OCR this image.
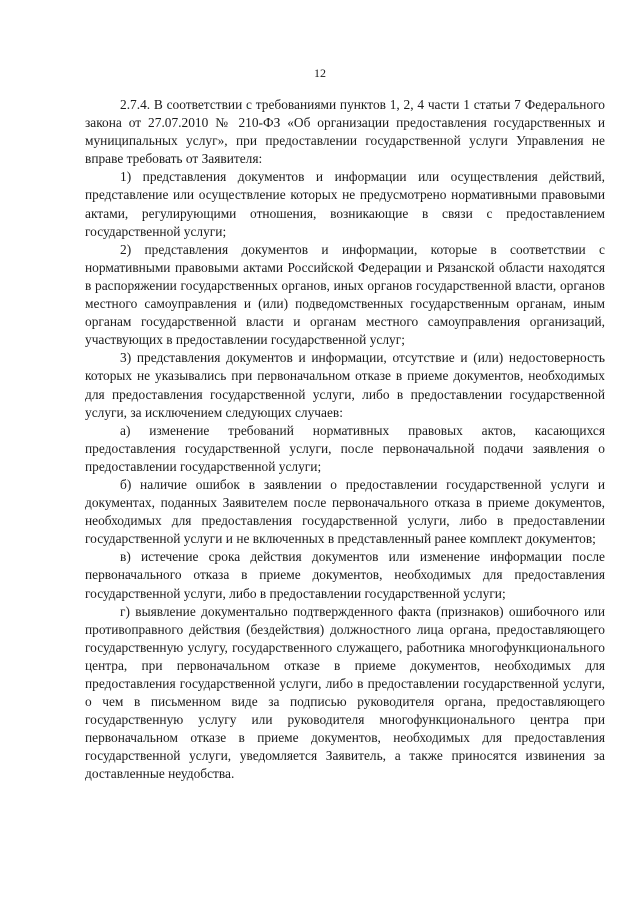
12

2.7.4. В соответствии с требованиями пунктов 1, 2, 4 части 1 статьи 7 Федерального закона от 27.07.2010 № 210-ФЗ «Об организации предоставления государственных и муниципальных услуг», при предоставлении государственной услуги Управления не вправе требовать от Заявителя:

1) представления документов и информации или осуществления действий, представление или осуществление которых не предусмотрено нормативными правовыми актами, регулирующими отношения, возникающие в связи с предоставлением государственной услуги;

2) представления документов и информации, которые в соответствии с нормативными правовыми актами Российской Федерации и Рязанской области находятся в распоряжении государственных органов, иных органов государственной власти, органов местного самоуправления и (или) подведомственных государственным органам, иным органам государственной власти и органам местного самоуправления организаций, участвующих в предоставлении государственной услуг;

3) представления документов и информации, отсутствие и (или) недостоверность которых не указывались при первоначальном отказе в приеме документов, необходимых для предоставления государственной услуги, либо в предоставлении государственной услуги, за исключением следующих случаев:

а) изменение требований нормативных правовых актов, касающихся предоставления государственной услуги, после первоначальной подачи заявления о предоставлении государственной услуги;

б) наличие ошибок в заявлении о предоставлении государственной услуги и документах, поданных Заявителем после первоначального отказа в приеме документов, необходимых для предоставления государственной услуги, либо в предоставлении государственной услуги и не включенных в представленный ранее комплект документов;

в) истечение срока действия документов или изменение информации после первоначального отказа в приеме документов, необходимых для предоставления государственной услуги, либо в предоставлении государственной услуги;

г) выявление документально подтвержденного факта (признаков) ошибочного или противоправного действия (бездействия) должностного лица органа, предоставляющего государственную услугу, государственного служащего, работника многофункционального центра, при первоначальном отказе в приеме документов, необходимых для предоставления государственной услуги, либо в предоставлении государственной услуги, о чем в письменном виде за подписью руководителя органа, предоставляющего государственную услугу или руководителя многофункционального центра при первоначальном отказе в приеме документов, необходимых для предоставления государственной услуги, уведомляется Заявитель, а также приносятся извинения за доставленные неудобства.
